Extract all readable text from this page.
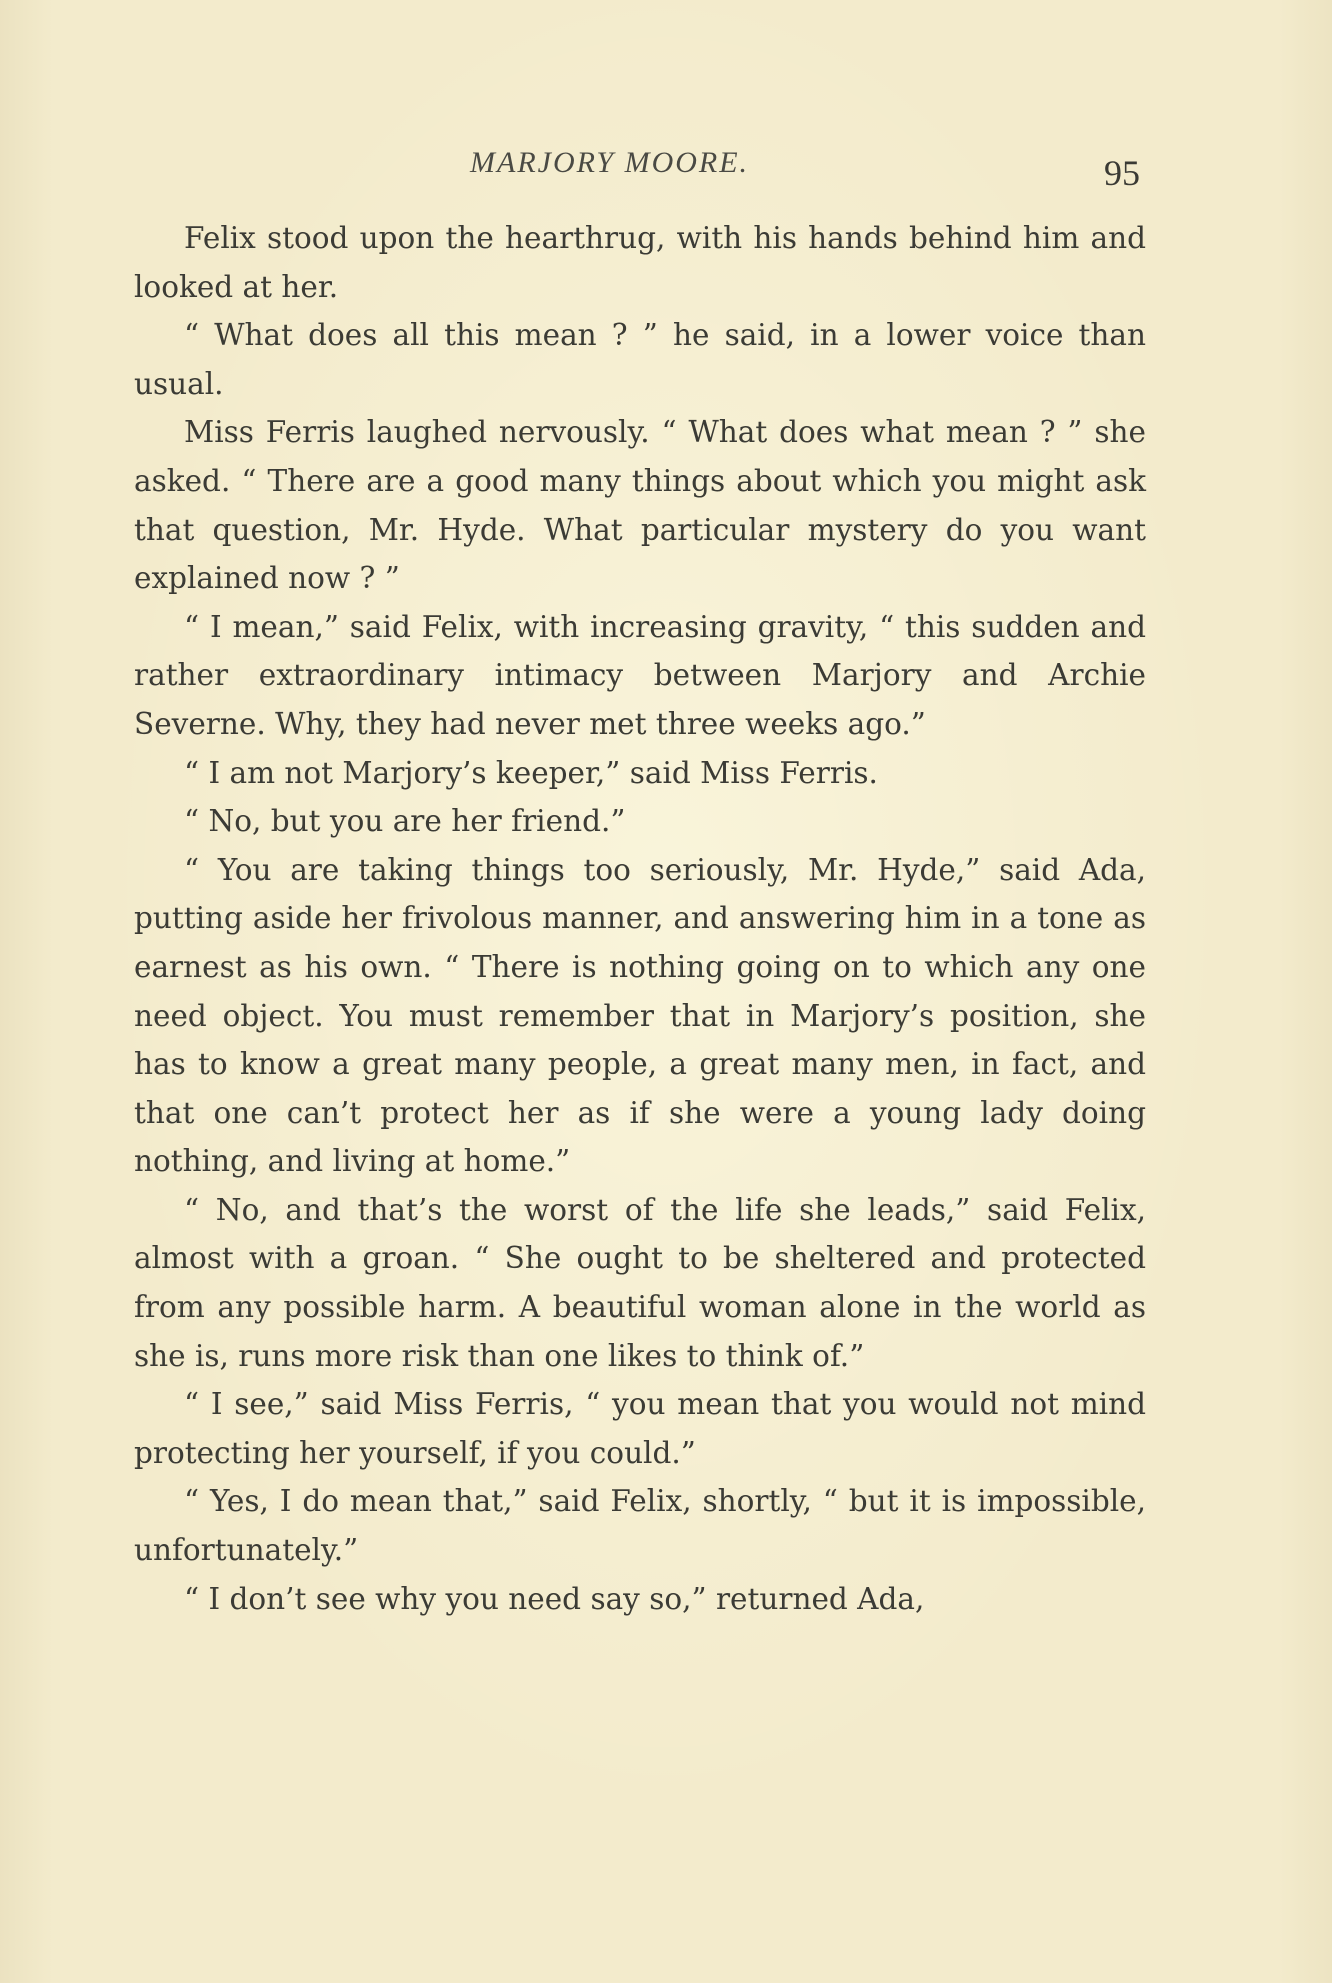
MARJORY MOORE.	95

Felix stood upon the hearthrug, with his hands behind him and looked at her.

“ What does all this mean ? ” he said, in a lower voice than usual.

Miss Ferris laughed nervously. “ What does what mean ? ” she asked. “ There are a good many things about which you might ask that question, Mr. Hyde. What particular mystery do you want explained now ? ”

“ I mean,” said Felix, with increasing gravity, “ this sudden and rather extraordinary intimacy between Marjory and Archie Severne. Why, they had never met three weeks ago.”

“ I am not Marjory’s keeper,” said Miss Ferris.

“ No, but you are her friend.”

“ You are taking things too seriously, Mr. Hyde,” said Ada, putting aside her frivolous manner, and answering him in a tone as earnest as his own. “ There is nothing going on to which any one need object. You must remember that in Marjory’s position, she has to know a great many people, a great many men, in fact, and that one can’t protect her as if she were a young lady doing nothing, and living at home.”

“ No, and that’s the worst of the life she leads,” said Felix, almost with a groan. “ She ought to be sheltered and protected from any possible harm. A beautiful woman alone in the world as she is, runs more risk than one likes to think of.”

“ I see,” said Miss Ferris, “ you mean that you would not mind protecting her yourself, if you could.”

“ Yes, I do mean that,” said Felix, shortly, “ but it is impossible, unfortunately.”

“ I don’t see why you need say so,” returned Ada,
